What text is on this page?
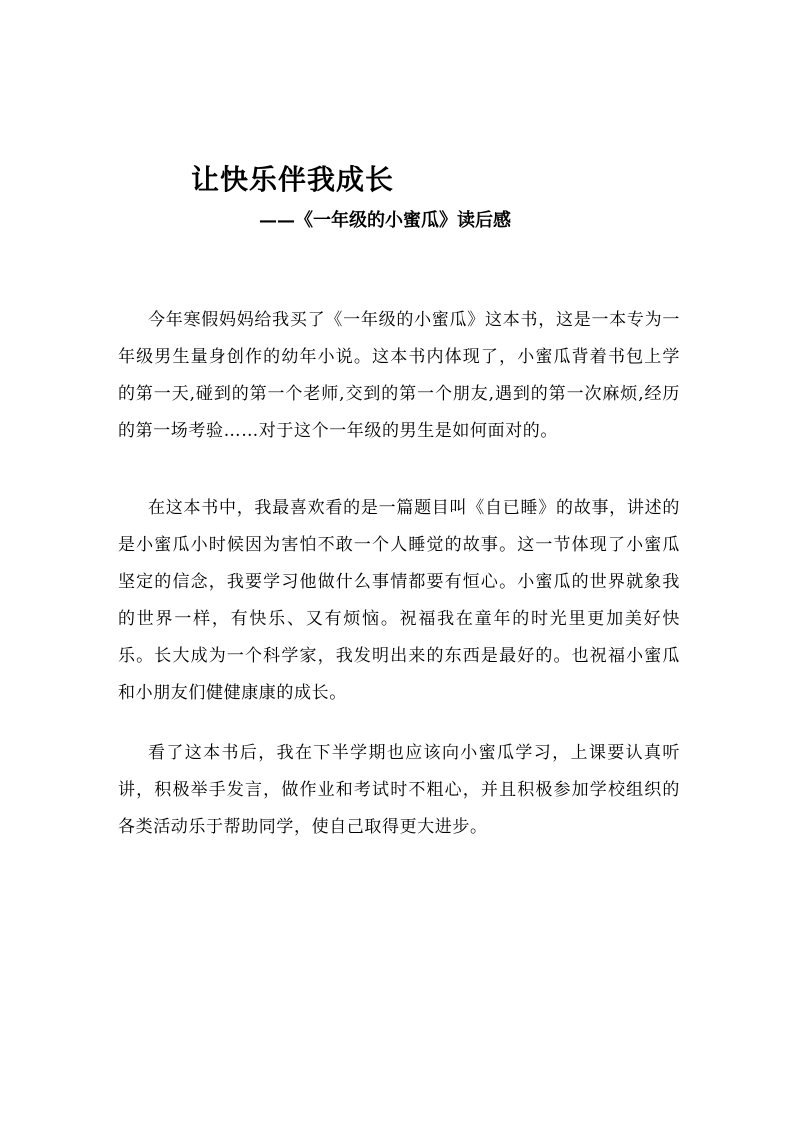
让快乐伴我成长
——《一年级的小蜜瓜》读后感

今年寒假妈妈给我买了《一年级的小蜜瓜》这本书，这是一本专为一年级男生量身创作的幼年小说。这本书内体现了，小蜜瓜背着书包上学的第一天,碰到的第一个老师,交到的第一个朋友,遇到的第一次麻烦,经历的第一场考验……对于这个一年级的男生是如何面对的。

在这本书中，我最喜欢看的是一篇题目叫《自已睡》的故事，讲述的是小蜜瓜小时候因为害怕不敢一个人睡觉的故事。这一节体现了小蜜瓜坚定的信念，我要学习他做什么事情都要有恒心。小蜜瓜的世界就象我的世界一样，有快乐、又有烦恼。祝福我在童年的时光里更加美好快乐。长大成为一个科学家，我发明出来的东西是最好的。也祝福小蜜瓜和小朋友们健健康康的成长。

看了这本书后，我在下半学期也应该向小蜜瓜学习，上课要认真听讲，积极举手发言，做作业和考试时不粗心，并且积极参加学校组织的各类活动乐于帮助同学，使自己取得更大进步。
